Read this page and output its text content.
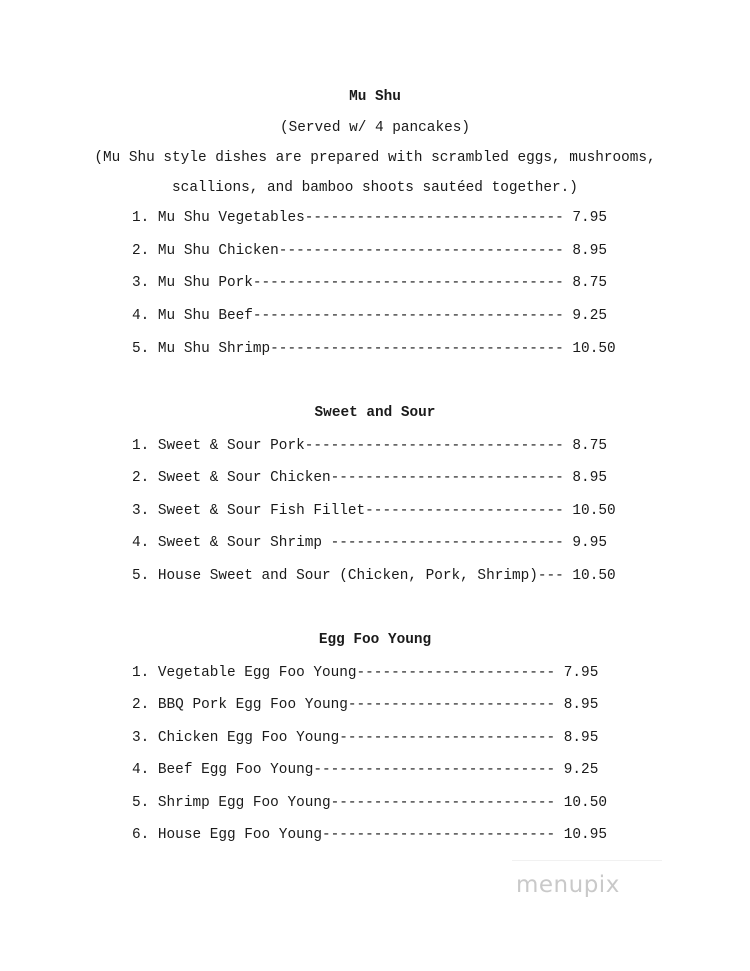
Mu Shu
(Served w/ 4 pancakes)
(Mu Shu style dishes are prepared with scrambled eggs, mushrooms,
scallions, and bamboo shoots sautéed together.)
1. Mu Shu Vegetables------------------------------ 7.95
2. Mu Shu Chicken--------------------------------- 8.95
3. Mu Shu Pork------------------------------------ 8.75
4. Mu Shu Beef------------------------------------ 9.25
5. Mu Shu Shrimp---------------------------------- 10.50
Sweet and Sour
1. Sweet & Sour Pork------------------------------ 8.75
2. Sweet & Sour Chicken--------------------------- 8.95
3. Sweet & Sour Fish Fillet----------------------- 10.50
4. Sweet & Sour Shrimp --------------------------- 9.95
5. House Sweet and Sour (Chicken, Pork, Shrimp)--- 10.50
Egg Foo Young
1. Vegetable Egg Foo Young----------------------- 7.95
2. BBQ Pork Egg Foo Young------------------------ 8.95
3. Chicken Egg Foo Young------------------------- 8.95
4. Beef Egg Foo Young---------------------------- 9.25
5. Shrimp Egg Foo Young-------------------------- 10.50
6. House Egg Foo Young--------------------------- 10.95
menupix
